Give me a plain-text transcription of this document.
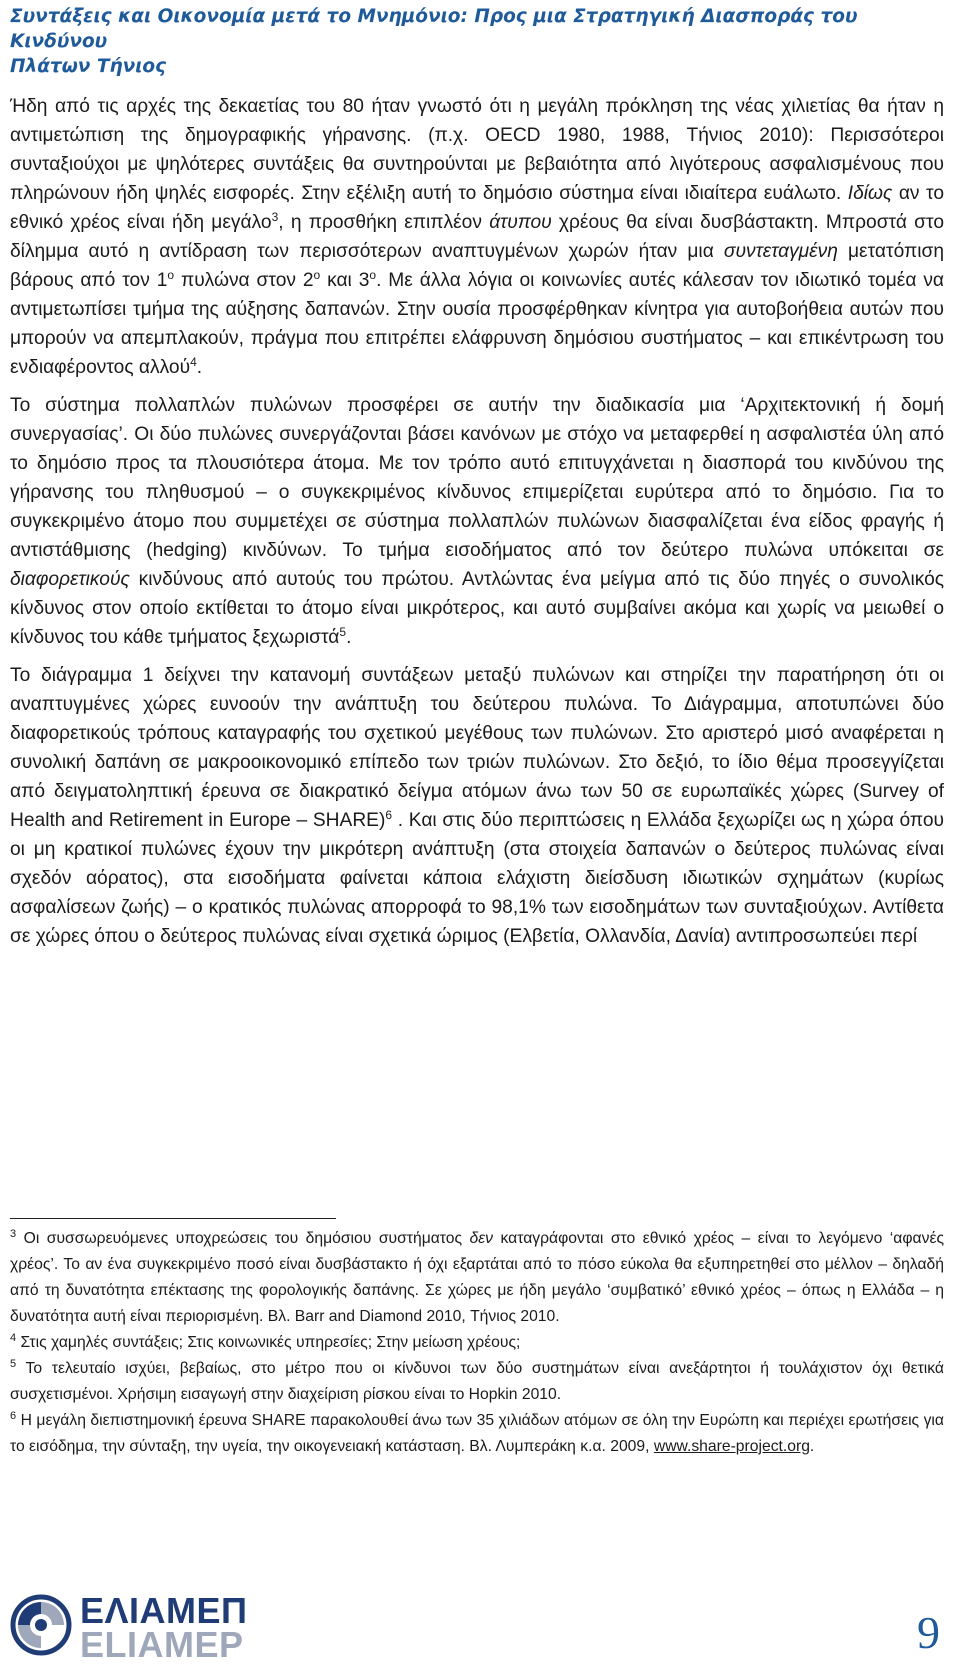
Συντάξεις και Οικονομία μετά το Μνημόνιο: Προς μια Στρατηγική Διασποράς του Κινδύνου
Πλάτων Τήνιος

Ήδη από τις αρχές της δεκαετίας του 80 ήταν γνωστό ότι η μεγάλη πρόκληση της νέας χιλιετίας θα ήταν η αντιμετώπιση της δημογραφικής γήρανσης. (π.χ. OECD 1980, 1988, Τήνιος 2010): Περισσότεροι συνταξιούχοι με ψηλότερες συντάξεις θα συντηρούνται με βεβαιότητα από λιγότερους ασφαλισμένους που πληρώνουν ήδη ψηλές εισφορές. Στην εξέλιξη αυτή το δημόσιο σύστημα είναι ιδιαίτερα ευάλωτο. Ιδίως αν το εθνικό χρέος είναι ήδη μεγάλο$^3$, η προσθήκη επιπλέον άτυπου χρέους θα είναι δυσβάστακτη. Μπροστά στο δίλημμα αυτό η αντίδραση των περισσότερων αναπτυγμένων χωρών ήταν μια συντεταγμένη μετατόπιση βάρους από τον $1^o$ πυλώνα στον $2^o$ και $3^o$. Με άλλα λόγια οι κοινωνίες αυτές κάλεσαν τον ιδιωτικό τομέα να αντιμετωπίσει τμήμα της αύξησης δαπανών. Στην ουσία προσφέρθηκαν κίνητρα για αυτοβοήθεια αυτών που μπορούν να απεμπλακούν, πράγμα που επιτρέπει ελάφρυνση δημόσιου συστήματος – και επικέντρωση του ενδιαφέροντος αλλού$^4$.

Το σύστημα πολλαπλών πυλώνων προσφέρει σε αυτήν την διαδικασία μια ‘Αρχιτεκτονική ή δομή συνεργασίας’. Οι δύο πυλώνες συνεργάζονται βάσει κανόνων με στόχο να μεταφερθεί η ασφαλιστέα ύλη από το δημόσιο προς τα πλουσιότερα άτομα. Με τον τρόπο αυτό επιτυγχάνεται η διασπορά του κινδύνου της γήρανσης του πληθυσμού – ο συγκεκριμένος κίνδυνος επιμερίζεται ευρύτερα από το δημόσιο. Για το συγκεκριμένο άτομο που συμμετέχει σε σύστημα πολλαπλών πυλώνων διασφαλίζεται ένα είδος φραγής ή αντιστάθμισης (hedging) κινδύνων. Το τμήμα εισοδήματος από τον δεύτερο πυλώνα υπόκειται σε διαφορετικούς κινδύνους από αυτούς του πρώτου. Αντλώντας ένα μείγμα από τις δύο πηγές ο συνολικός κίνδυνος στον οποίο εκτίθεται το άτομο είναι μικρότερος, και αυτό συμβαίνει ακόμα και χωρίς να μειωθεί ο κίνδυνος του κάθε τμήματος ξεχωριστά$^5$.

Το διάγραμμα 1 δείχνει την κατανομή συντάξεων μεταξύ πυλώνων και στηρίζει την παρατήρηση ότι οι αναπτυγμένες χώρες ευνοούν την ανάπτυξη του δεύτερου πυλώνα. Το Διάγραμμα, αποτυπώνει δύο διαφορετικούς τρόπους καταγραφής του σχετικού μεγέθους των πυλώνων. Στο αριστερό μισό αναφέρεται η συνολική δαπάνη σε μακροοικονομικό επίπεδο των τριών πυλώνων. Στο δεξιό, το ίδιο θέμα προσεγγίζεται από δειγματοληπτική έρευνα σε διακρατικό δείγμα ατόμων άνω των 50 σε ευρωπαϊκές χώρες (Survey of Health and Retirement in Europe – SHARE)$^6$ . Και στις δύο περιπτώσεις η Ελλάδα ξεχωρίζει ως η χώρα όπου οι μη κρατικοί πυλώνες έχουν την μικρότερη ανάπτυξη (στα στοιχεία δαπανών ο δεύτερος πυλώνας είναι σχεδόν αόρατος), στα εισοδήματα φαίνεται κάποια ελάχιστη διείσδυση ιδιωτικών σχημάτων (κυρίως ασφαλίσεων ζωής) – ο κρατικός πυλώνας απορροφά το 98,1% των εισοδημάτων των συνταξιούχων. Αντίθετα σε χώρες όπου ο δεύτερος πυλώνας είναι σχετικά ώριμος (Ελβετία, Ολλανδία, Δανία) αντιπροσωπεύει περί

$^3$ Οι συσσωρευόμενες υποχρεώσεις του δημόσιου συστήματος δεν καταγράφονται στο εθνικό χρέος – είναι το λεγόμενο ‘αφανές χρέος’. Το αν ένα συγκεκριμένο ποσό είναι δυσβάστακτο ή όχι εξαρτάται από το πόσο εύκολα θα εξυπηρετηθεί στο μέλλον – δηλαδή από τη δυνατότητα επέκτασης της φορολογικής δαπάνης. Σε χώρες με ήδη μεγάλο ‘συμβατικό’ εθνικό χρέος – όπως η Ελλάδα – η δυνατότητα αυτή είναι περιορισμένη. Βλ. Barr and Diamond 2010, Τήνιος 2010.

$^4$ Στις χαμηλές συντάξεις; Στις κοινωνικές υπηρεσίες; Στην μείωση χρέους;

$^5$ Το τελευταίο ισχύει, βεβαίως, στο μέτρο που οι κίνδυνοι των δύο συστημάτων είναι ανεξάρτητοι ή τουλάχιστον όχι θετικά συσχετισμένοι. Χρήσιμη εισαγωγή στην διαχείριση ρίσκου είναι το Hopkin 2010.

$^6$ Η μεγάλη διεπιστημονική έρευνα SHARE παρακολουθεί άνω των 35 χιλιάδων ατόμων σε όλη την Ευρώπη και περιέχει ερωτήσεις για το εισόδημα, την σύνταξη, την υγεία, την οικογενειακή κατάσταση. Βλ. Λυμπεράκη κ.α. 2009, www.share-project.org.

ΕΛΙΑΜΕΠ
ELIAMEP	9
